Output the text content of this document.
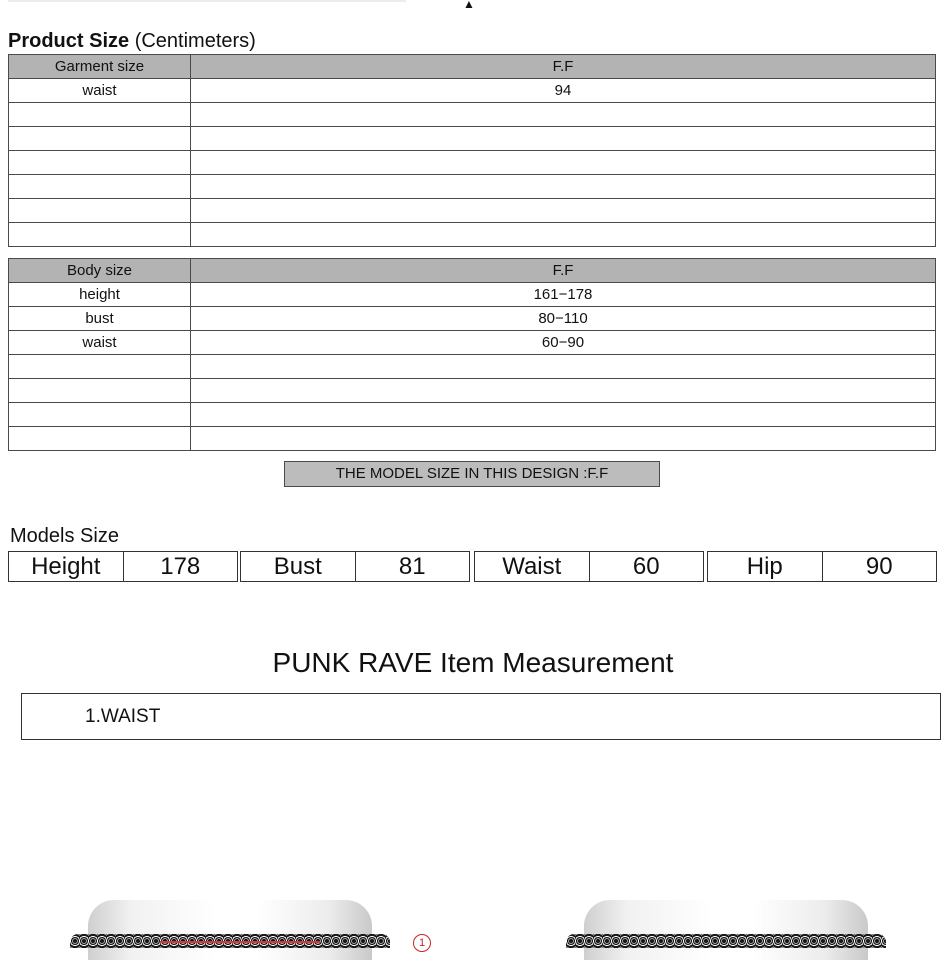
▲
Product Size (Centimeters)
Garment size	F.F
waist	94

Body size	F.F
height	161−178
bust	80−110
waist	60−90

THE MODEL SIZE IN THIS DESIGN :F.F
Models Size
Height	178	Bust	81	Waist	60	Hip	90
PUNK RAVE Item Measurement
1.WAIST
1
